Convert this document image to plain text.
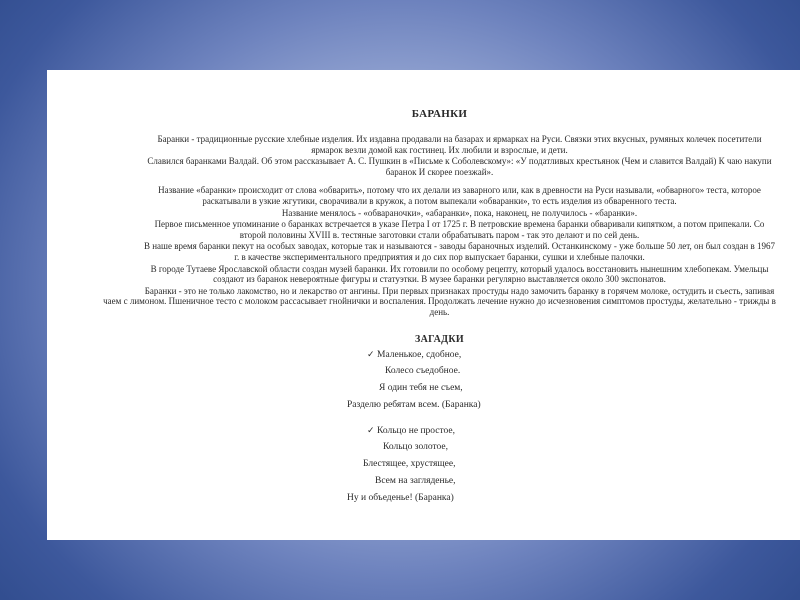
БАРАНКИ
Баранки - традиционные русские хлебные изделия. Их издавна продавали на базарах и ярмарках на Руси. Связки этих вкусных, румяных колечек посетители ярмарок везли домой как гостинец. Их любили и взрослые, и дети.
Славился баранками Валдай. Об этом рассказывает А. С. Пушкин в «Письме к Соболевскому»: «У податливых крестьянок (Чем и славится Валдай) К чаю накупи баранок И скорее поезжай».
Название «баранки» происходит от слова «обварить», потому что их делали из заварного или, как в древности на Руси называли, «обварного» теста, которое раскатывали в узкие жгутики, сворачивали в кружок, а потом выпекали «обваранки», то есть изделия из обваренного теста.
Название менялось - «обвараночки», «абаранки», пока, наконец, не получилось - «баранки».
Первое письменное упоминание о баранках встречается в указе Петра I от 1725 г. В петровские времена баранки обваривали кипятком, а потом припекали. Со второй половины XVIII в. тестяные заготовки стали обрабатывать паром - так это делают и по сей день.
В наше время баранки пекут на особых заводах, которые так и называются - заводы бараночных изделий. Останкинскому - уже больше 50 лет, он был создан в 1967 г. в качестве экспериментального предприятия и до сих пор выпускает баранки, сушки и хлебные палочки.
В городе Тутаеве Ярославской области создан музей баранки. Их готовили по особому рецепту, который удалось восстановить нынешним хлебопекам. Умельцы создают из баранок невероятные фигуры и статуэтки. В музее баранки регулярно выставляется около 300 экспонатов.
Баранки - это не только лакомство, но и лекарство от ангины. При первых признаках простуды надо замочить баранку в горячем молоке, остудить и съесть, запивая чаем с лимоном. Пшеничное тесто с молоком рассасывает гнойнички и воспаления. Продолжать лечение нужно до исчезновения симптомов простуды, желательно - трижды в день.
ЗАГАДКИ
✓ Маленькое, сдобное,
Колесо съедобное.
Я один тебя не съем,
Разделю ребятам всем. (Баранка)
✓ Кольцо не простое,
Кольцо золотое,
Блестящее, хрустящее,
Всем на загляденье,
Ну и объеденье! (Баранка)
